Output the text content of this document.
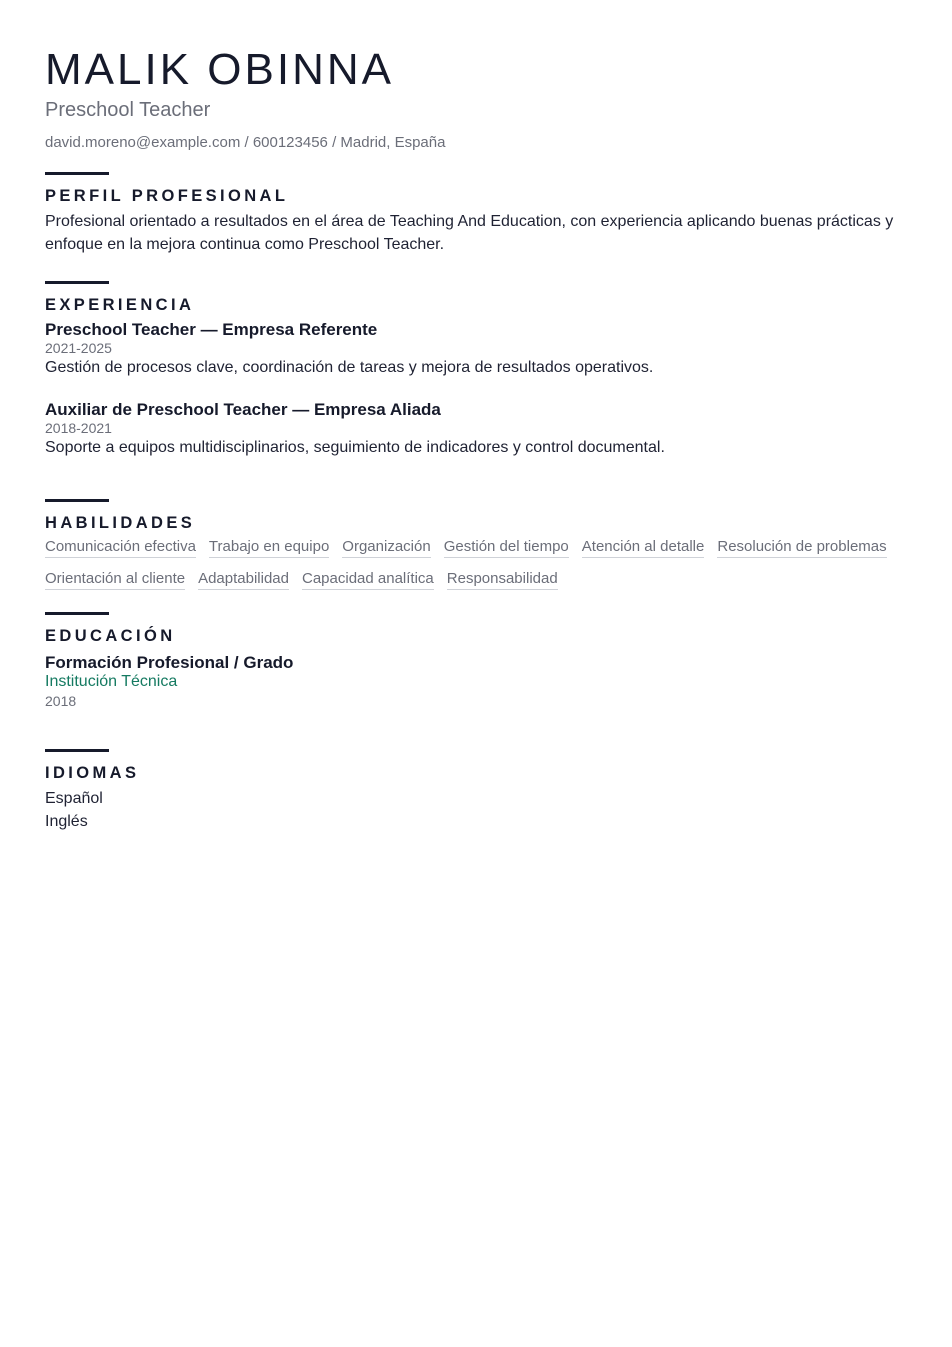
MALIK OBINNA
Preschool Teacher
david.moreno@example.com / 600123456 / Madrid, España
PERFIL PROFESIONAL
Profesional orientado a resultados en el área de Teaching And Education, con experiencia aplicando buenas prácticas y enfoque en la mejora continua como Preschool Teacher.
EXPERIENCIA
Preschool Teacher — Empresa Referente
2021-2025
Gestión de procesos clave, coordinación de tareas y mejora de resultados operativos.
Auxiliar de Preschool Teacher — Empresa Aliada
2018-2021
Soporte a equipos multidisciplinarios, seguimiento de indicadores y control documental.
HABILIDADES
Comunicación efectiva Trabajo en equipo Organización Gestión del tiempo Atención al detalle Resolución de problemas
Orientación al cliente Adaptabilidad Capacidad analítica Responsabilidad
EDUCACIÓN
Formación Profesional / Grado
Institución Técnica
2018
IDIOMAS
Español
Inglés
